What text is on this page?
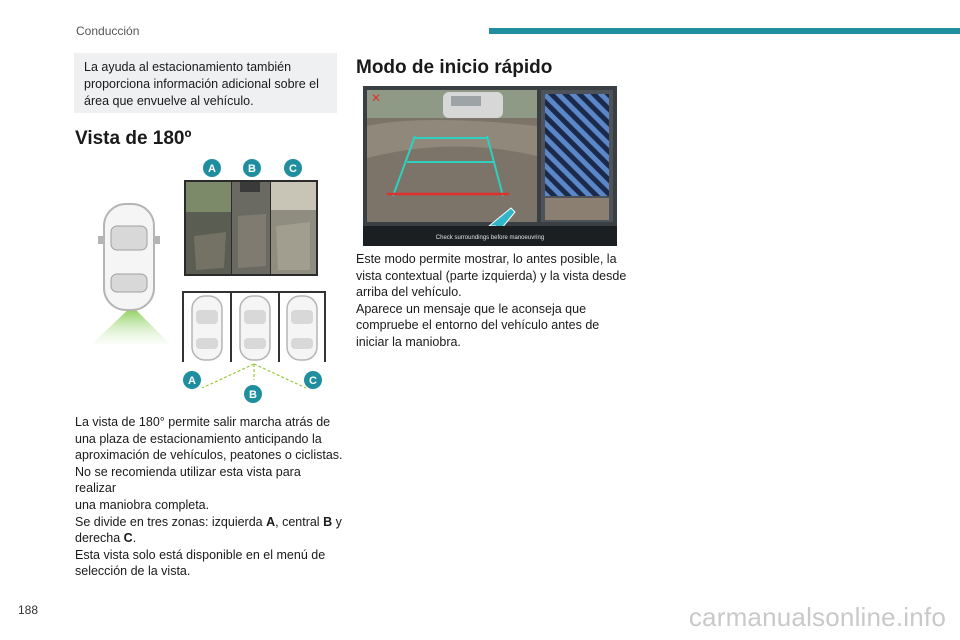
Conducción
La ayuda al estacionamiento también
proporciona información adicional sobre el
área que envuelve al vehículo.
Vista de 180º
A	B	C
A
B
C
La vista de 180° permite salir marcha atrás de
una plaza de estacionamiento anticipando la
aproximación de vehículos, peatones o ciclistas.
No se recomienda utilizar esta vista para realizar
una maniobra completa.
Se divide en tres zonas: izquierda A, central B y
derecha C.
Esta vista solo está disponible en el menú de
selección de la vista.
Modo de inicio rápido
✕
Check surroundings before manoeuvring
Este modo permite mostrar, lo antes posible, la
vista contextual (parte izquierda) y la vista desde
arriba del vehículo.
Aparece un mensaje que le aconseja que
compruebe el entorno del vehículo antes de
iniciar la maniobra.
188	carmanualsonline.info
